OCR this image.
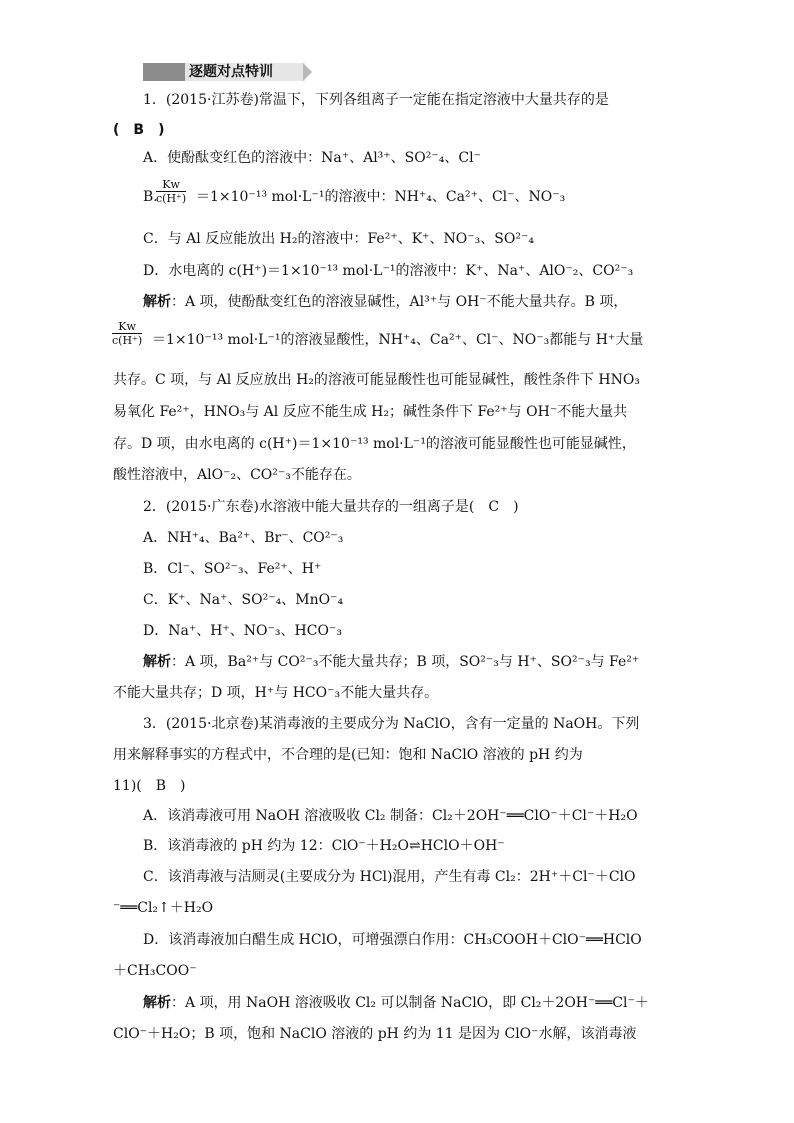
逐题对点特训
1．(2015·江苏卷)常温下，下列各组离子一定能在指定溶液中大量共存的是
(　B　)
A．使酚酞变红色的溶液中：Na⁺、Al³⁺、SO²⁻₄、Cl⁻
B.
$\frac{Kw}{c(H^+)} =1\times 10^{-13}$ mol·L⁻¹的溶液中：NH⁺₄、Ca²⁺、Cl⁻、NO⁻₃
C．与 Al 反应能放出 H₂的溶液中：Fe²⁺、K⁺、NO⁻₃、SO²⁻₄
D．水电离的 c(H⁺)＝1×10⁻¹³ mol·L⁻¹的溶液中：K⁺、Na⁺、AlO⁻₂、CO²⁻₃
解析：A 项，使酚酞变红色的溶液显碱性，Al³⁺与 OH⁻不能大量共存。B 项，
$\frac{Kw}{c(H^+)} =1\times 10^{-13}$ mol·L⁻¹的溶液显酸性，NH⁺₄、Ca²⁺、Cl⁻、NO⁻₃都能与 H⁺大量
共存。C 项，与 Al 反应放出 H₂的溶液可能显酸性也可能显碱性，酸性条件下 HNO₃
易氧化 Fe²⁺，HNO₃与 Al 反应不能生成 H₂；碱性条件下 Fe²⁺与 OH⁻不能大量共
存。D 项，由水电离的 c(H⁺)＝1×10⁻¹³ mol·L⁻¹的溶液可能显酸性也可能显碱性，
酸性溶液中，AlO⁻₂、CO²⁻₃不能存在。
2．(2015·广东卷)水溶液中能大量共存的一组离子是(　C　)
A．NH⁺₄、Ba²⁺、Br⁻、CO²⁻₃
B．Cl⁻、SO²⁻₃、Fe²⁺、H⁺
C．K⁺、Na⁺、SO²⁻₄、MnO⁻₄
D．Na⁺、H⁺、NO⁻₃、HCO⁻₃
解析：A 项，Ba²⁺与 CO²⁻₃不能大量共存；B 项，SO²⁻₃与 H⁺、SO²⁻₃与 Fe²⁺
不能大量共存；D 项，H⁺与 HCO⁻₃不能大量共存。
3．(2015·北京卷)某消毒液的主要成分为 NaClO，含有一定量的 NaOH。下列
用来解释事实的方程式中，不合理的是(已知：饱和 NaClO 溶液的 pH 约为
11)(　B　)
A．该消毒液可用 NaOH 溶液吸收 Cl₂ 制备：Cl₂＋2OH⁻══ClO⁻＋Cl⁻＋H₂O
B．该消毒液的 pH 约为 12：ClO⁻＋H₂O⇌HClO＋OH⁻
C．该消毒液与洁厕灵(主要成分为 HCl)混用，产生有毒 Cl₂：2H⁺＋Cl⁻＋ClO
⁻══Cl₂↑＋H₂O
D．该消毒液加白醋生成 HClO，可增强漂白作用：CH₃COOH＋ClO⁻══HClO
＋CH₃COO⁻
解析：A 项，用 NaOH 溶液吸收 Cl₂ 可以制备 NaClO，即 Cl₂＋2OH⁻══Cl⁻＋
ClO⁻＋H₂O；B 项，饱和 NaClO 溶液的 pH 约为 11 是因为 ClO⁻水解，该消毒液
